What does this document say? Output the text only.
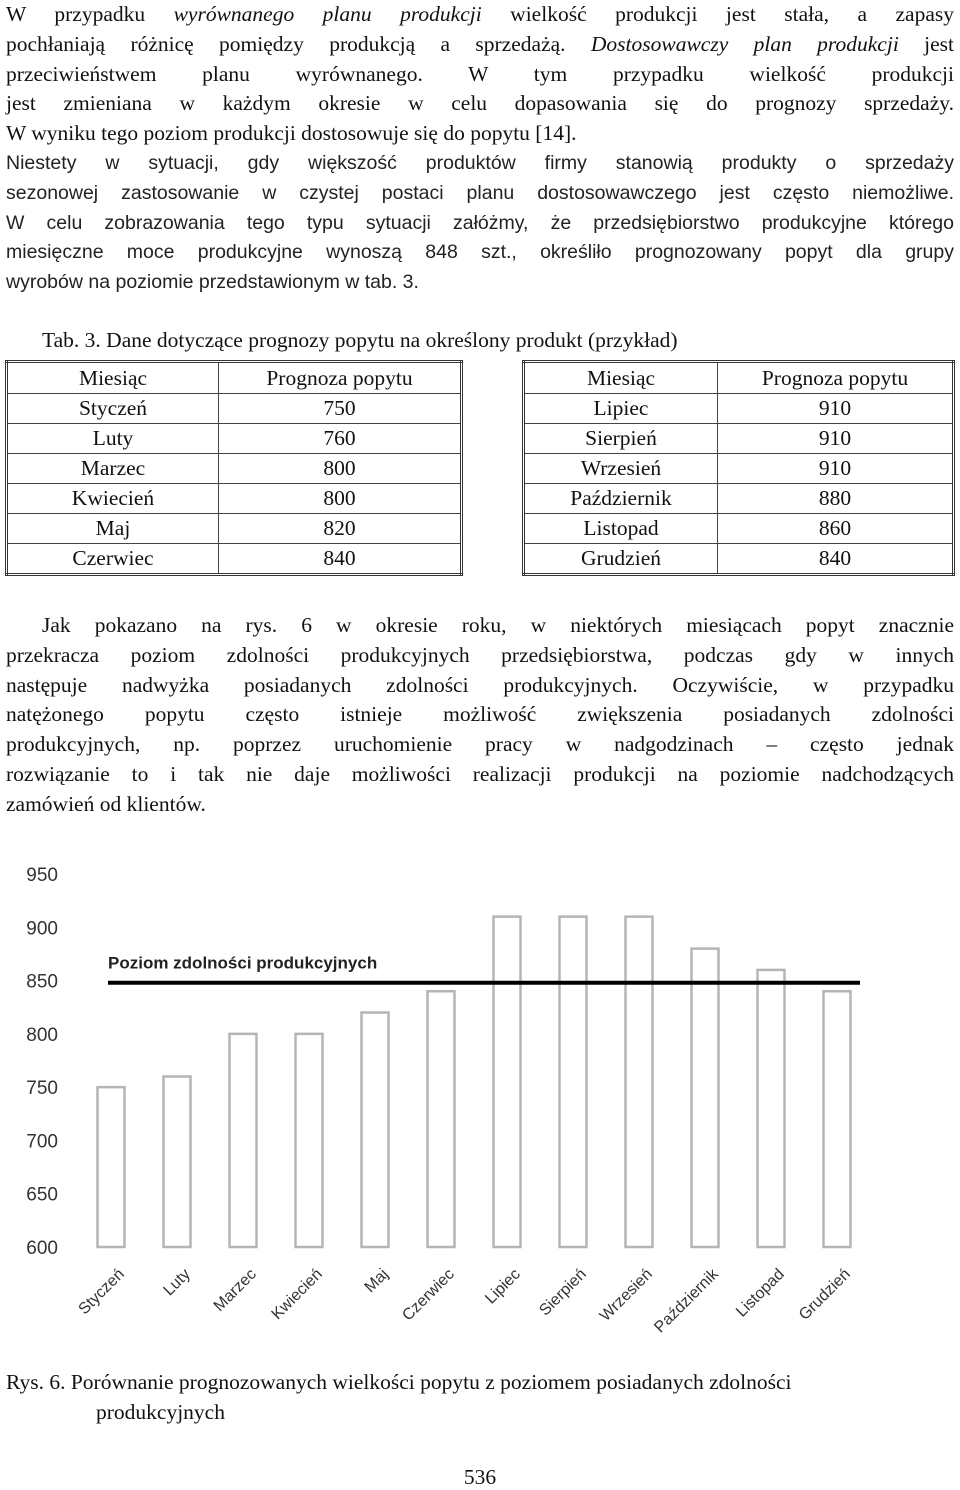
W przypadku wyrównanego planu produkcji wielkość produkcji jest stała, a zapasy
pochłaniają różnicę pomiędzy produkcją a sprzedażą. Dostosowawczy plan produkcji jest
przeciwieństwem planu wyrównanego. W tym przypadku wielkość produkcji
jest zmieniana w każdym okresie w celu dopasowania się do prognozy sprzedaży.
W wyniku tego poziom produkcji dostosowuje się do popytu [14].
Niestety w sytuacji, gdy większość produktów firmy stanowią produkty o sprzedaży
sezonowej zastosowanie w czystej postaci planu dostosowawczego jest często niemożliwe.
W celu zobrazowania tego typu sytuacji załóżmy, że przedsiębiorstwo produkcyjne którego
miesięczne moce produkcyjne wynoszą 848 szt., określiło prognozowany popyt dla grupy
wyrobów na poziomie przedstawionym w tab. 3.
Tab. 3. Dane dotyczące prognozy popytu na określony produkt (przykład)
Miesiąc	Prognoza popytu
Styczeń	750
Luty	760
Marzec	800
Kwiecień	800
Maj	820
Czerwiec	840
Miesiąc	Prognoza popytu
Lipiec	910
Sierpień	910
Wrzesień	910
Październik	880
Listopad	860
Grudzień	840
Jak pokazano na rys. 6 w okresie roku, w niektórych miesiącach popyt znacznie
przekracza poziom zdolności produkcyjnych przedsiębiorstwa, podczas gdy w innych
następuje nadwyżka posiadanych zdolności produkcyjnych. Oczywiście, w przypadku
natężonego popytu często istnieje możliwość zwiększenia posiadanych zdolności
produkcyjnych, np. poprzez uruchomienie pracy w nadgodzinach – często jednak
rozwiązanie to i tak nie daje możliwości realizacji produkcji na poziomie nadchodzących
zamówień od klientów.
600
650
700
750
800
850
900
950
Styczeń Luty Marzec Kwiecień Maj Czerwiec Lipiec Sierpień Wrzesień
Październik Listopad Grudzień
Poziom zdolności produkcyjnych
Rys. 6. Porównanie prognozowanych wielkości popytu z poziomem posiadanych zdolności
produkcyjnych
536
